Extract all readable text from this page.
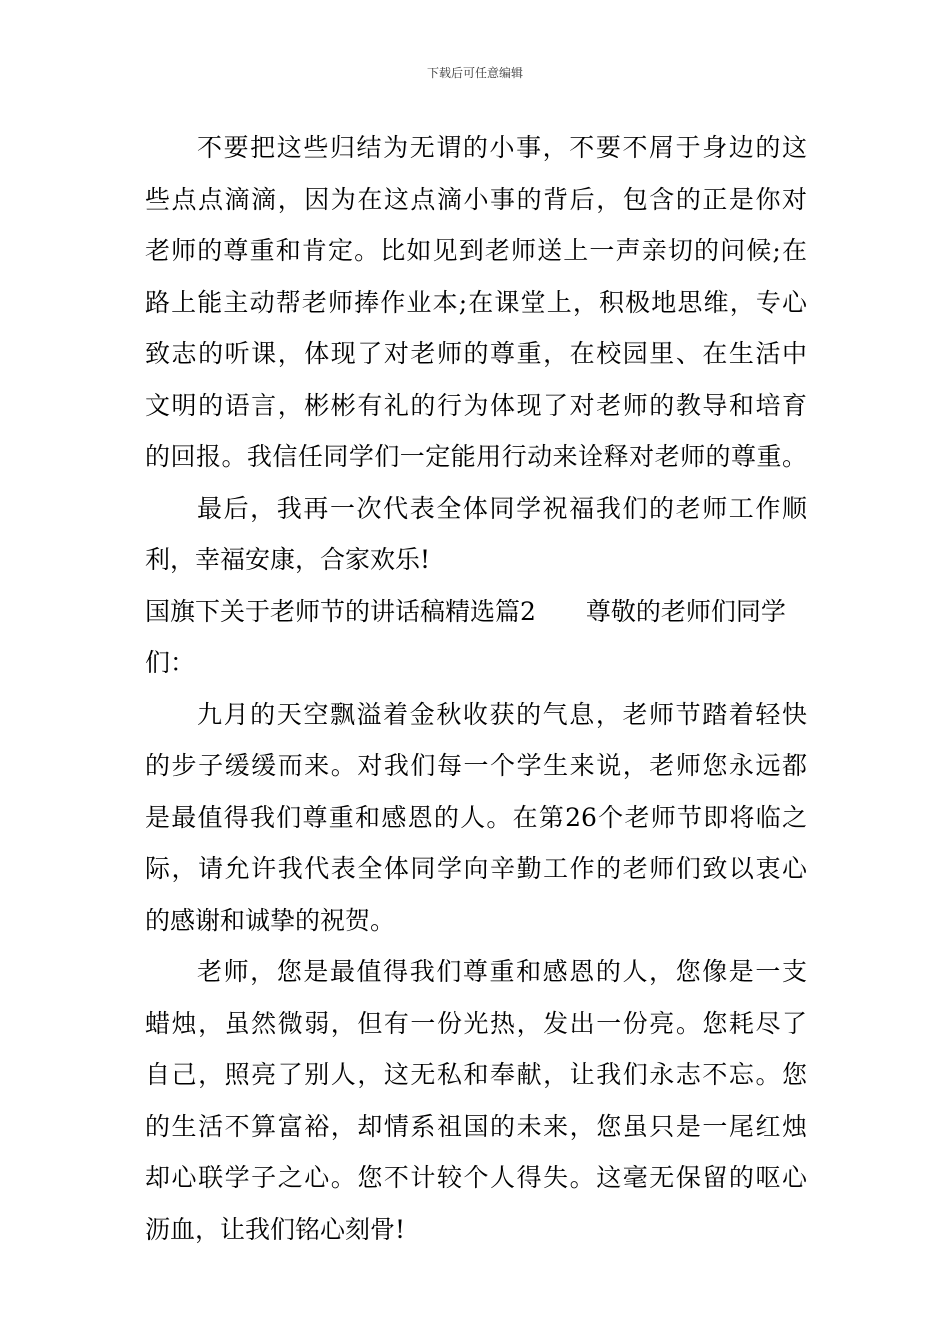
下载后可任意编辑
不要把这些归结为无谓的小事，不要不屑于身边的这
些点点滴滴，因为在这点滴小事的背后，包含的正是你对
老师的尊重和肯定。比如见到老师送上一声亲切的问候;在
路上能主动帮老师捧作业本;在课堂上，积极地思维，专心
致志的听课，体现了对老师的尊重，在校园里、在生活中
文明的语言，彬彬有礼的行为体现了对老师的教导和培育
的回报。我信任同学们一定能用行动来诠释对老师的尊重。
最后，我再一次代表全体同学祝福我们的老师工作顺
利，幸福安康，合家欢乐!
国旗下关于老师节的讲话稿精选篇2 尊敬的老师们同学
们：
九月的天空飘溢着金秋收获的气息，老师节踏着轻快
的步子缓缓而来。对我们每一个学生来说，老师您永远都
是最值得我们尊重和感恩的人。在第26个老师节即将临之
际，请允许我代表全体同学向辛勤工作的老师们致以衷心
的感谢和诚挚的祝贺。
老师，您是最值得我们尊重和感恩的人，您像是一支
蜡烛，虽然微弱，但有一份光热，发出一份亮。您耗尽了
自己，照亮了别人，这无私和奉献，让我们永志不忘。您
的生活不算富裕，却情系祖国的未来，您虽只是一尾红烛
却心联学子之心。您不计较个人得失。这毫无保留的呕心
沥血，让我们铭心刻骨!
